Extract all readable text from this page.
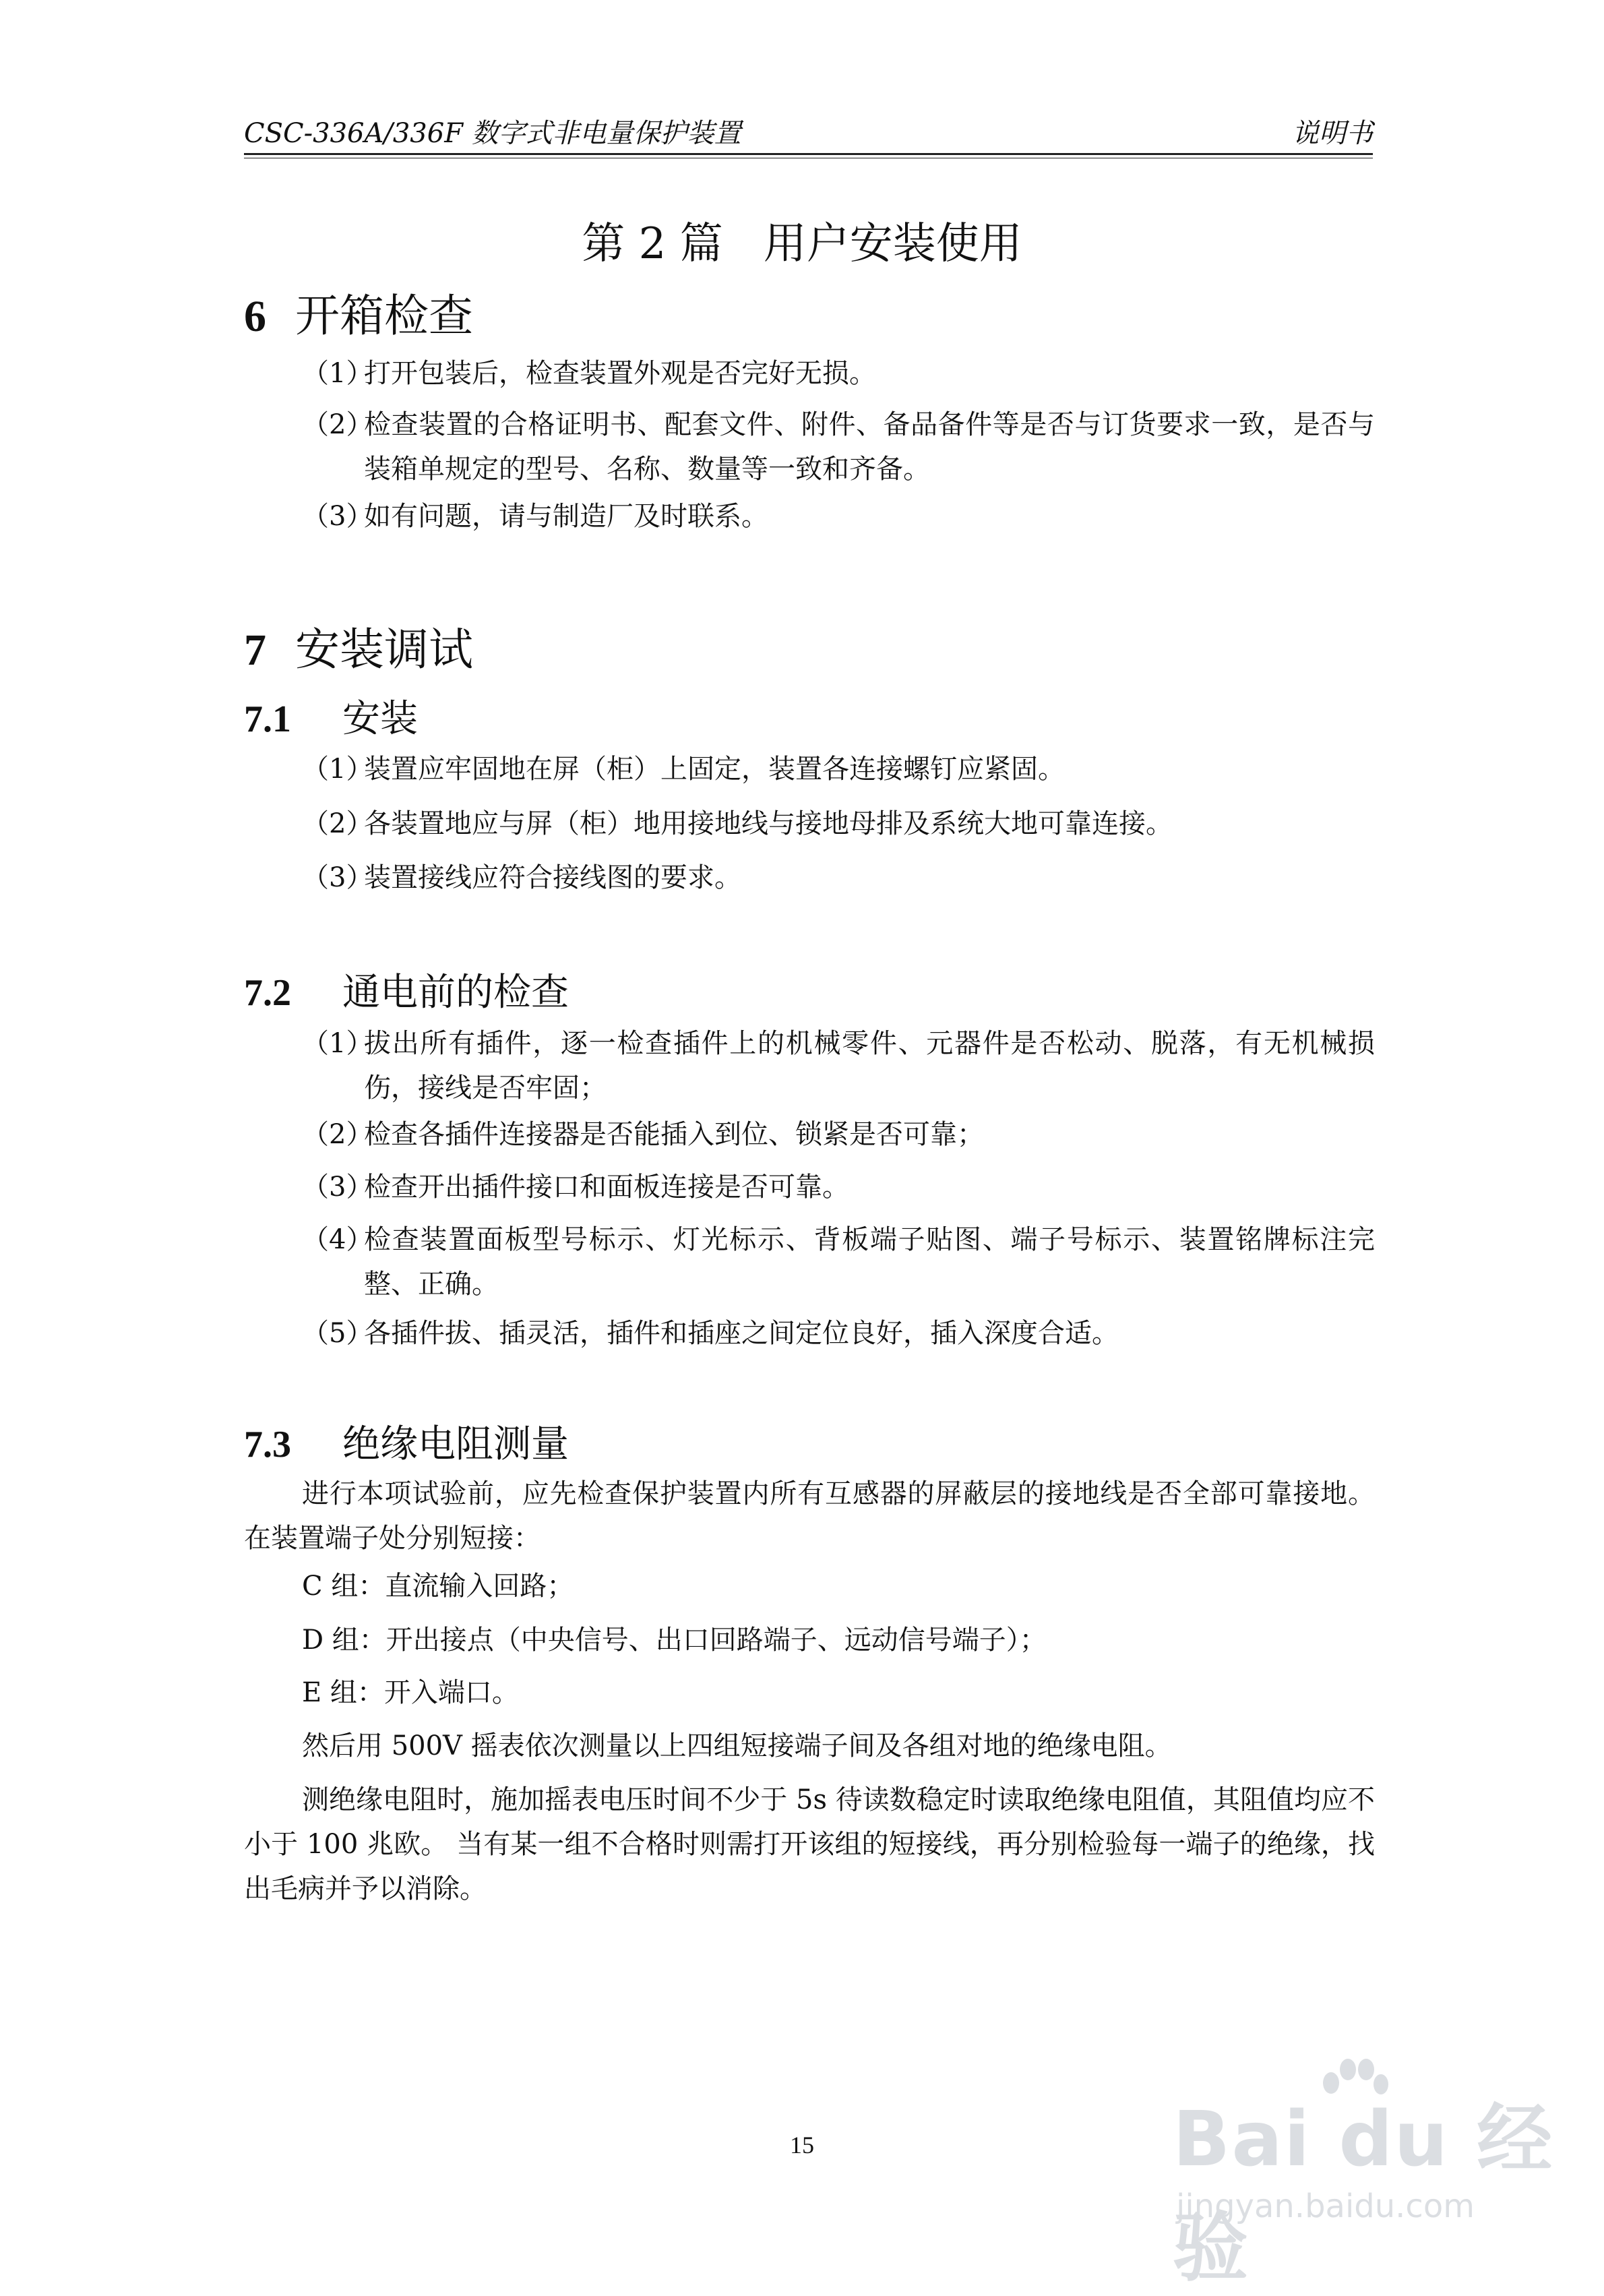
CSC-336A/336F 数字式非电量保护装置	说明书
第 2 篇 用户安装使用
6 开箱检查
（1）
打开包装后，检查装置外观是否完好无损。
（2）
检查装置的合格证明书、配套文件、附件、备品备件等是否与订货要求一致，是否与装箱单规定的型号、名称、数量等一致和齐备。
（3）
如有问题，请与制造厂及时联系。
7 安装调试
7.1 安装
（1）
装置应牢固地在屏（柜）上固定，装置各连接螺钉应紧固。
（2）
各装置地应与屏（柜）地用接地线与接地母排及系统大地可靠连接。
（3）
装置接线应符合接线图的要求。
7.2 通电前的检查
（1）
拔出所有插件，逐一检查插件上的机械零件、元器件是否松动、脱落，有无机械损伤，接线是否牢固；
（2）
检查各插件连接器是否能插入到位、锁紧是否可靠；
（3）
检查开出插件接口和面板连接是否可靠。
（4）
检查装置面板型号标示、灯光标示、背板端子贴图、端子号标示、装置铭牌标注完整、正确。
（5）
各插件拔、插灵活，插件和插座之间定位良好，插入深度合适。
7.3 绝缘电阻测量
进行本项试验前，应先检查保护装置内所有互感器的屏蔽层的接地线是否全部可靠接地。在装置端子处分别短接：
C 组：直流输入回路；
D 组：开出接点（中央信号、出口回路端子、远动信号端子）；
E 组：开入端口。
然后用 500V 摇表依次测量以上四组短接端子间及各组对地的绝缘电阻。
测绝缘电阻时，施加摇表电压时间不少于 5s 待读数稳定时读取绝缘电阻值，其阻值均应不小于 100 兆欧。 当有某一组不合格时则需打开该组的短接线，再分别检验每一端子的绝缘，找出毛病并予以消除。
15	Bai du 经验
jingyan.baidu.com
